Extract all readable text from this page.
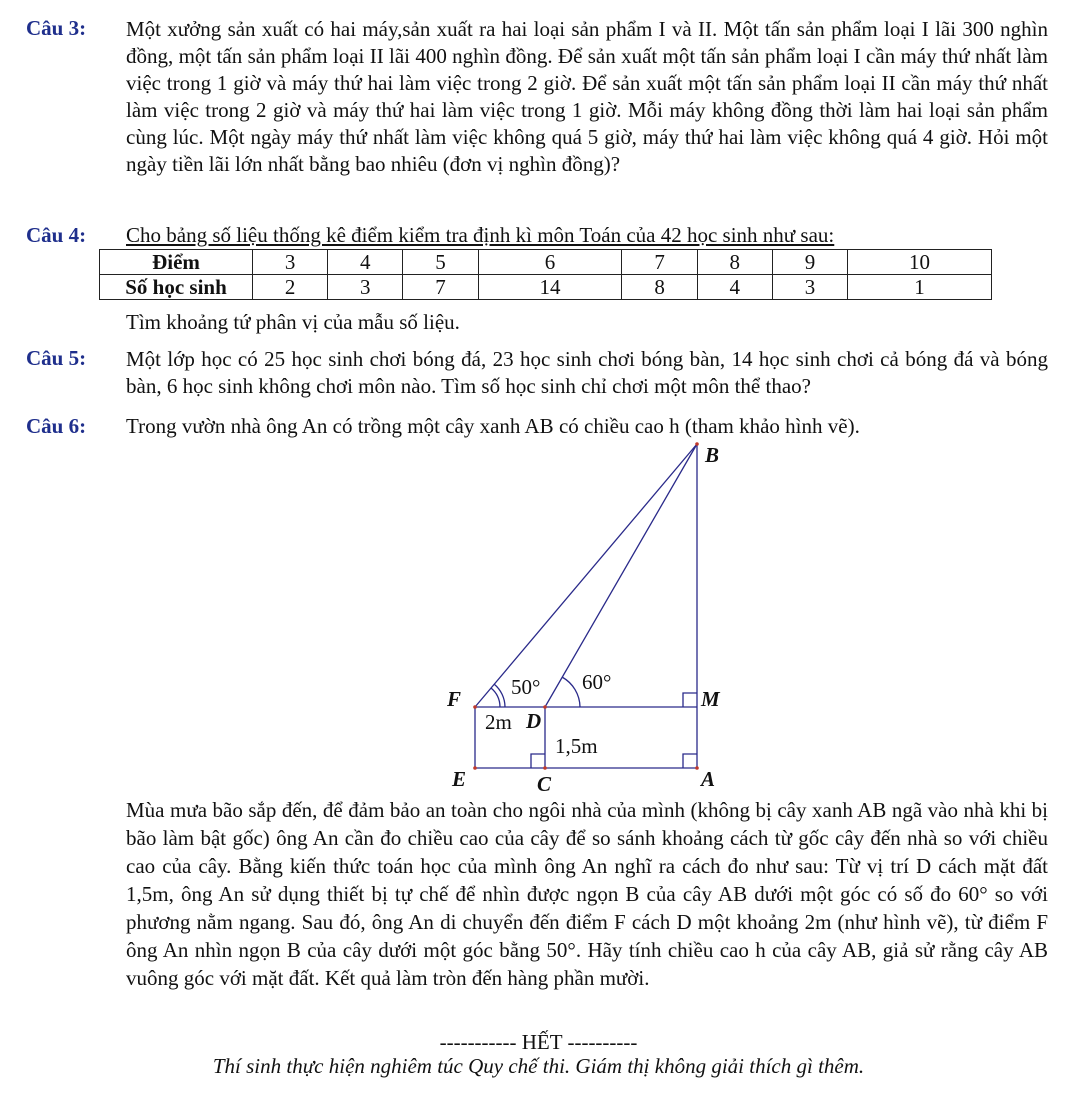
Câu 3: Một xưởng sản xuất có hai máy,sản xuất ra hai loại sản phẩm I và II. Một tấn sản phẩm loại I lãi 300 nghìn đồng, một tấn sản phẩm loại II lãi 400 nghìn đồng. Để sản xuất một tấn sản phẩm loại I cần máy thứ nhất làm việc trong 1 giờ và máy thứ hai làm việc trong 2 giờ. Để sản xuất một tấn sản phẩm loại II cần máy thứ nhất làm việc trong 2 giờ và máy thứ hai làm việc trong 1 giờ. Mỗi máy không đồng thời làm hai loại sản phẩm cùng lúc. Một ngày máy thứ nhất làm việc không quá 5 giờ, máy thứ hai làm việc không quá 4 giờ. Hỏi một ngày tiền lãi lớn nhất bằng bao nhiêu (đơn vị nghìn đồng)?
Câu 4: Cho bảng số liệu thống kê điểm kiểm tra định kì môn Toán của 42 học sinh như sau:
Điểm	3	4	5	6	7	8	9	10
Số học sinh	2	3	7	14	8	4	3	1
Tìm khoảng tứ phân vị của mẫu số liệu.
Câu 5: Một lớp học có 25 học sinh chơi bóng đá, 23 học sinh chơi bóng bàn, 14 học sinh chơi cả bóng đá và bóng bàn, 6 học sinh không chơi môn nào. Tìm số học sinh chỉ chơi một môn thể thao?
Câu 6: Trong vườn nhà ông An có trồng một cây xanh AB có chiều cao h (tham khảo hình vẽ).
B
F
D
M
E	C	A
50° 60°
2m
1,5m
Mùa mưa bão sắp đến, để đảm bảo an toàn cho ngôi nhà của mình (không bị cây xanh AB ngã vào nhà khi bị bão làm bật gốc) ông An cần đo chiều cao của cây để so sánh khoảng cách từ gốc cây đến nhà so với chiều cao của cây. Bằng kiến thức toán học của mình ông An nghĩ ra cách đo như sau: Từ vị trí D cách mặt đất 1,5m, ông An sử dụng thiết bị tự chế để nhìn được ngọn B của cây AB dưới một góc có số đo 60° so với phương nằm ngang. Sau đó, ông An di chuyển đến điểm F cách D một khoảng 2m (như hình vẽ), từ điểm F ông An nhìn ngọn B của cây dưới một góc bằng 50°. Hãy tính chiều cao h của cây AB, giả sử rằng cây AB vuông góc với mặt đất. Kết quả làm tròn đến hàng phần mười.
----------- HẾT ----------
Thí sinh thực hiện nghiêm túc Quy chế thi. Giám thị không giải thích gì thêm.
